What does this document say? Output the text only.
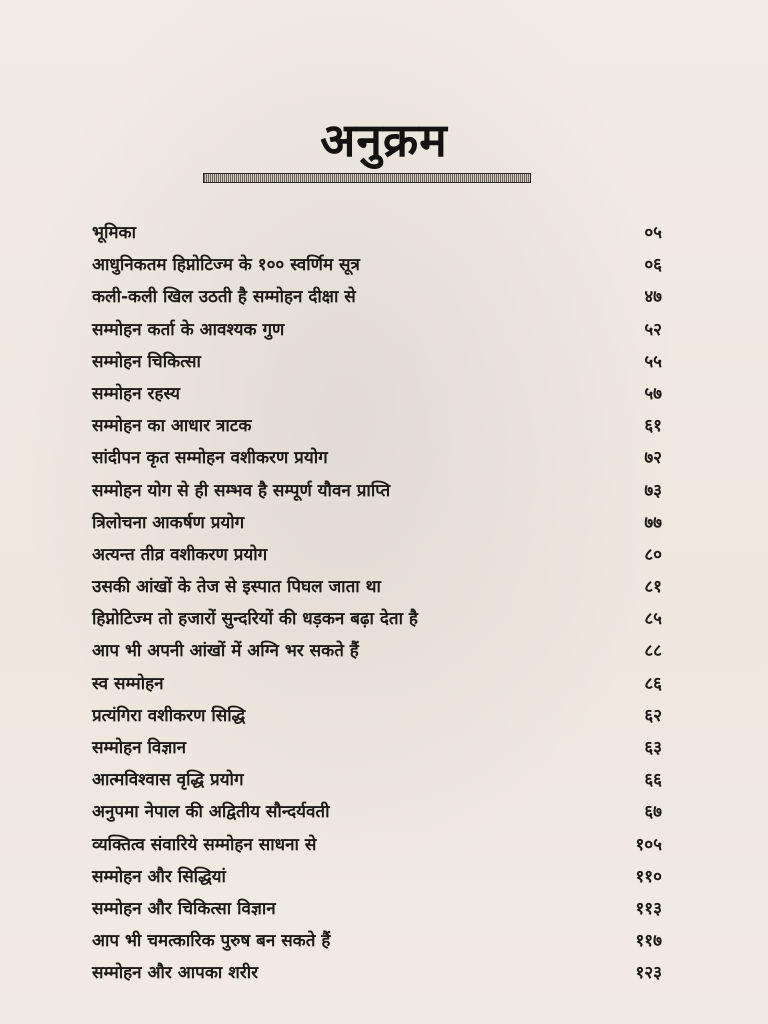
अनुक्रम
भूमिका	०५
आधुनिकतम हिप्नोटिज्म के १०० स्वर्णिम सूत्र	०६
कली-कली खिल उठती है सम्मोहन दीक्षा से	४७
सम्मोहन कर्ता के आवश्यक गुण	५२
सम्मोहन चिकित्सा	५५
सम्मोहन रहस्य	५७
सम्मोहन का आधार त्राटक	६१
सांदीपन कृत सम्मोहन वशीकरण प्रयोग	७२
सम्मोहन योग से ही सम्भव है सम्पूर्ण यौवन प्राप्ति	७३
त्रिलोचना आकर्षण प्रयोग	७७
अत्यन्त तीव्र वशीकरण प्रयोग	८०
उसकी आंखों के तेज से इस्पात पिघल जाता था	८१
हिप्नोटिज्म तो हजारों सुन्दरियों की धड़कन बढ़ा देता है	८५
आप भी अपनी आंखों में अग्नि भर सकते हैं	८८
स्व सम्मोहन	८६
प्रत्यंगिरा वशीकरण सिद्धि	६२
सम्मोहन विज्ञान	६३
आत्मविश्वास वृद्धि प्रयोग	६६
अनुपमा नेपाल की अद्वितीय सौन्दर्यवती	६७
व्यक्तित्व संवारिये सम्मोहन साधना से	१०५
सम्मोहन और सिद्धियां	११०
सम्मोहन और चिकित्सा विज्ञान	११३
आप भी चमत्कारिक पुरुष बन सकते हैं	११७
सम्मोहन और आपका शरीर	१२३
